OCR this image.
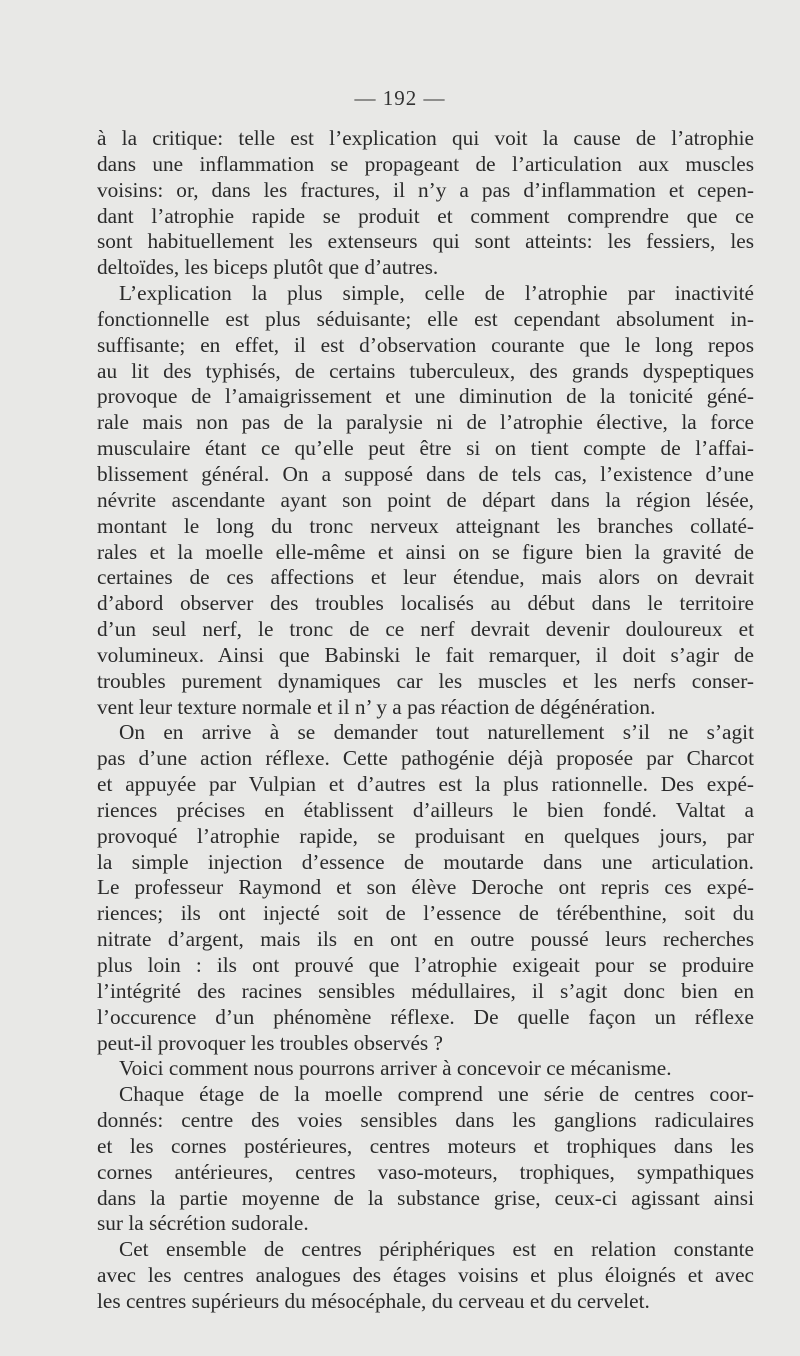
— 192 —

à la critique: telle est l’explication qui voit la cause de l’atrophie
dans une inflammation se propageant de l’articulation aux muscles
voisins: or, dans les fractures, il n’y a pas d’inflammation et cepen-
dant l’atrophie rapide se produit et comment comprendre que ce
sont habituellement les extenseurs qui sont atteints: les fessiers, les
deltoïdes, les biceps plutôt que d’autres.

L’explication la plus simple, celle de l’atrophie par inactivité
fonctionnelle est plus séduisante; elle est cependant absolument in-
suffisante; en effet, il est d’observation courante que le long repos
au lit des typhisés, de certains tuberculeux, des grands dyspeptiques
provoque de l’amaigrissement et une diminution de la tonicité géné-
rale mais non pas de la paralysie ni de l’atrophie élective, la force
musculaire étant ce qu’elle peut être si on tient compte de l’affai-
blissement général. On a supposé dans de tels cas, l’existence d’une
névrite ascendante ayant son point de départ dans la région lésée,
montant le long du tronc nerveux atteignant les branches collaté-
rales et la moelle elle-même et ainsi on se figure bien la gravité de
certaines de ces affections et leur étendue, mais alors on devrait
d’abord observer des troubles localisés au début dans le territoire
d’un seul nerf, le tronc de ce nerf devrait devenir douloureux et
volumineux. Ainsi que Babinski le fait remarquer, il doit s’agir de
troubles purement dynamiques car les muscles et les nerfs conser-
vent leur texture normale et il n’ y a pas réaction de dégénération.

On en arrive à se demander tout naturellement s’il ne s’agit
pas d’une action réflexe. Cette pathogénie déjà proposée par Charcot
et appuyée par Vulpian et d’autres est la plus rationnelle. Des expé-
riences précises en établissent d’ailleurs le bien fondé. Valtat a
provoqué l’atrophie rapide, se produisant en quelques jours, par
la simple injection d’essence de moutarde dans une articulation.
Le professeur Raymond et son élève Deroche ont repris ces expé-
riences; ils ont injecté soit de l’essence de térébenthine, soit du
nitrate d’argent, mais ils en ont en outre poussé leurs recherches
plus loin : ils ont prouvé que l’atrophie exigeait pour se produire
l’intégrité des racines sensibles médullaires, il s’agit donc bien en
l’occurence d’un phénomène réflexe. De quelle façon un réflexe
peut-il provoquer les troubles observés ?

Voici comment nous pourrons arriver à concevoir ce mécanisme.

Chaque étage de la moelle comprend une série de centres coor-
donnés: centre des voies sensibles dans les ganglions radiculaires
et les cornes postérieures, centres moteurs et trophiques dans les
cornes antérieures, centres vaso-moteurs, trophiques, sympathiques
dans la partie moyenne de la substance grise, ceux-ci agissant ainsi
sur la sécrétion sudorale.

Cet ensemble de centres périphériques est en relation constante
avec les centres analogues des étages voisins et plus éloignés et avec
les centres supérieurs du mésocéphale, du cerveau et du cervelet.
